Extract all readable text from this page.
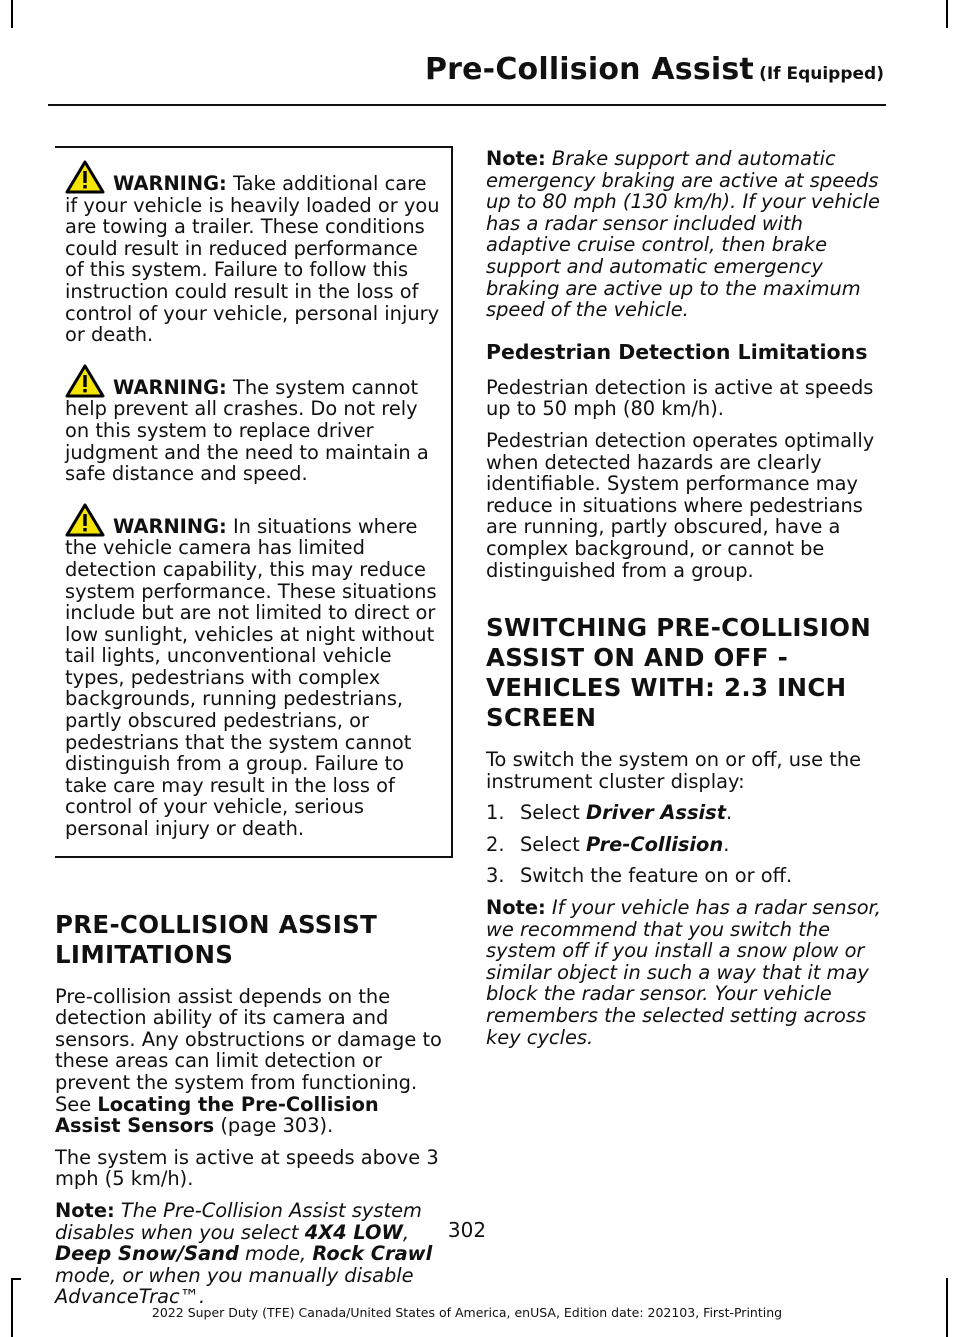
Pre-Collision Assist (If Equipped)

WARNING: Take additional care if your vehicle is heavily loaded or you are towing a trailer. These conditions could result in reduced performance of this system. Failure to follow this instruction could result in the loss of control of your vehicle, personal injury or death.

WARNING: The system cannot help prevent all crashes. Do not rely on this system to replace driver judgment and the need to maintain a safe distance and speed.

WARNING: In situations where the vehicle camera has limited detection capability, this may reduce system performance. These situations include but are not limited to direct or low sunlight, vehicles at night without tail lights, unconventional vehicle types, pedestrians with complex backgrounds, running pedestrians, partly obscured pedestrians, or pedestrians that the system cannot distinguish from a group. Failure to take care may result in the loss of control of your vehicle, serious personal injury or death.

PRE-COLLISION ASSIST
LIMITATIONS

Pre-collision assist depends on the detection ability of its camera and sensors. Any obstructions or damage to these areas can limit detection or prevent the system from functioning. See Locating the Pre-Collision Assist Sensors (page 303).

The system is active at speeds above 3 mph (5 km/h).

Note: The Pre-Collision Assist system disables when you select 4X4 LOW, Deep Snow/Sand mode, Rock Crawl mode, or when you manually disable AdvanceTrac™.

Note: Brake support and automatic emergency braking are active at speeds up to 80 mph (130 km/h). If your vehicle has a radar sensor included with adaptive cruise control, then brake support and automatic emergency braking are active up to the maximum speed of the vehicle.

Pedestrian Detection Limitations

Pedestrian detection is active at speeds up to 50 mph (80 km/h).

Pedestrian detection operates optimally when detected hazards are clearly identifiable. System performance may reduce in situations where pedestrians are running, partly obscured, have a complex background, or cannot be distinguished from a group.

SWITCHING PRE-COLLISION
ASSIST ON AND OFF -
VEHICLES WITH: 2.3 INCH
SCREEN

To switch the system on or off, use the instrument cluster display:

1. Select Driver Assist.
2. Select Pre-Collision.
3. Switch the feature on or off.

Note: If your vehicle has a radar sensor, we recommend that you switch the system off if you install a snow plow or similar object in such a way that it may block the radar sensor. Your vehicle remembers the selected setting across key cycles.

302
2022 Super Duty (TFE) Canada/United States of America, enUSA, Edition date: 202103, First-Printing
